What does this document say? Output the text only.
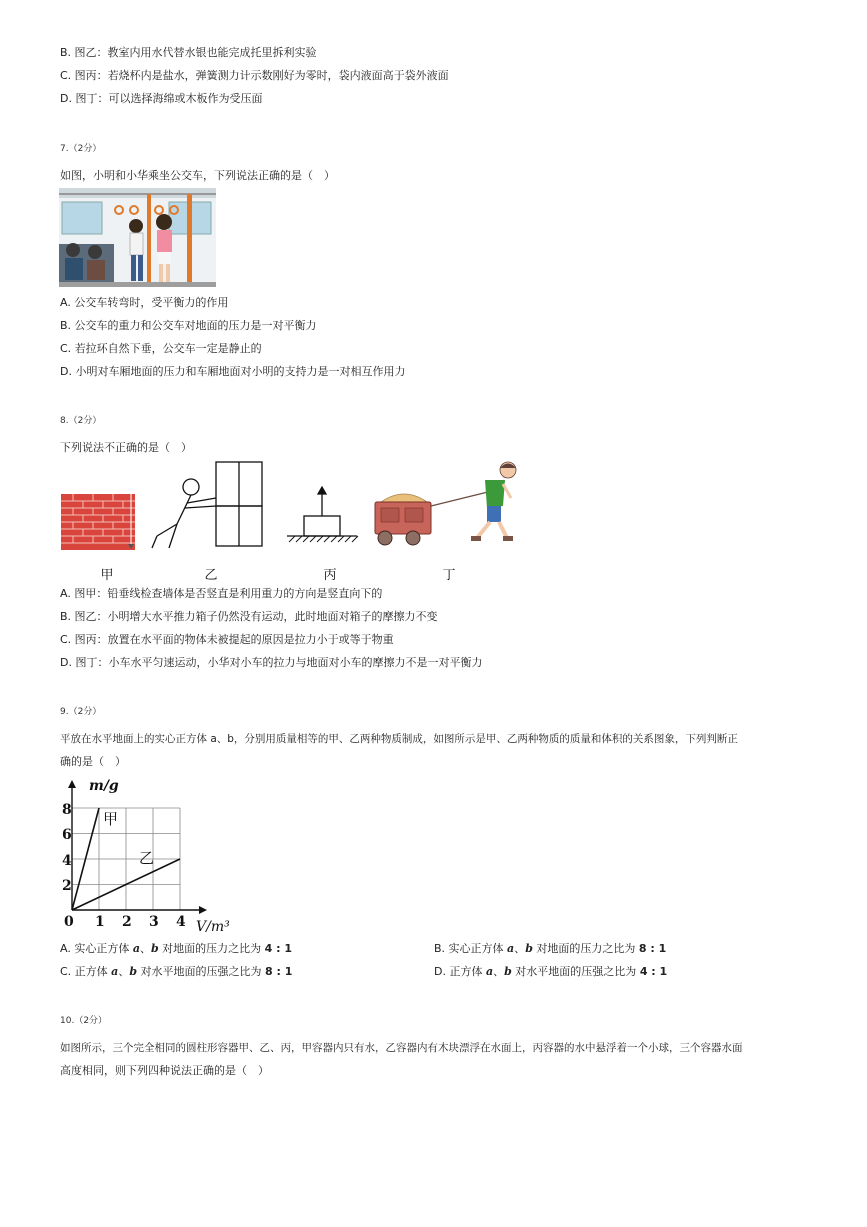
B. 图乙：教室内用水代替水银也能完成托里拆利实验
C. 图丙：若烧杯内是盐水，弹簧测力计示数刚好为零时，袋内液面高于袋外液面
D. 图丁：可以选择海绵或木板作为受压面
7.（2分）
如图，小明和小华乘坐公交车，下列说法正确的是（　）
A. 公交车转弯时，受平衡力的作用
B. 公交车的重力和公交车对地面的压力是一对平衡力
C. 若拉环自然下垂，公交车一定是静止的
D. 小明对车厢地面的压力和车厢地面对小明的支持力是一对相互作用力
8.（2分）
下列说法不正确的是（　）
甲	乙	丙	丁
A. 图甲：铅垂线检查墙体是否竖直是利用重力的方向是竖直向下的
B. 图乙：小明增大水平推力箱子仍然没有运动，此时地面对箱子的摩擦力不变
C. 图丙：放置在水平面的物体未被提起的原因是拉力小于或等于物重
D. 图丁：小车水平匀速运动，小华对小车的拉力与地面对小车的摩擦力不是一对平衡力
9.（2分）
平放在水平地面上的实心正方体 a、b，分别用质量相等的甲、乙两种物质制成，如图所示是甲、乙两种物质的质量和体积的关系图象，下列判断正
确的是（　）
m/g
V/m³
8
6
4
2
0 1 2 3 4
甲
乙
A. 实心正方体 a、b 对地面的压力之比为 4 : 1	B. 实心正方体 a、b 对地面的压力之比为 8 : 1
C. 正方体 a、b 对水平地面的压强之比为 8 : 1	D. 正方体 a、b 对水平地面的压强之比为 4 : 1
10.（2分）
如图所示，三个完全相同的圆柱形容器甲、乙、丙，甲容器内只有水，乙容器内有木块漂浮在水面上，丙容器的水中悬浮着一个小球，三个容器水面
高度相同，则下列四种说法正确的是（　）
